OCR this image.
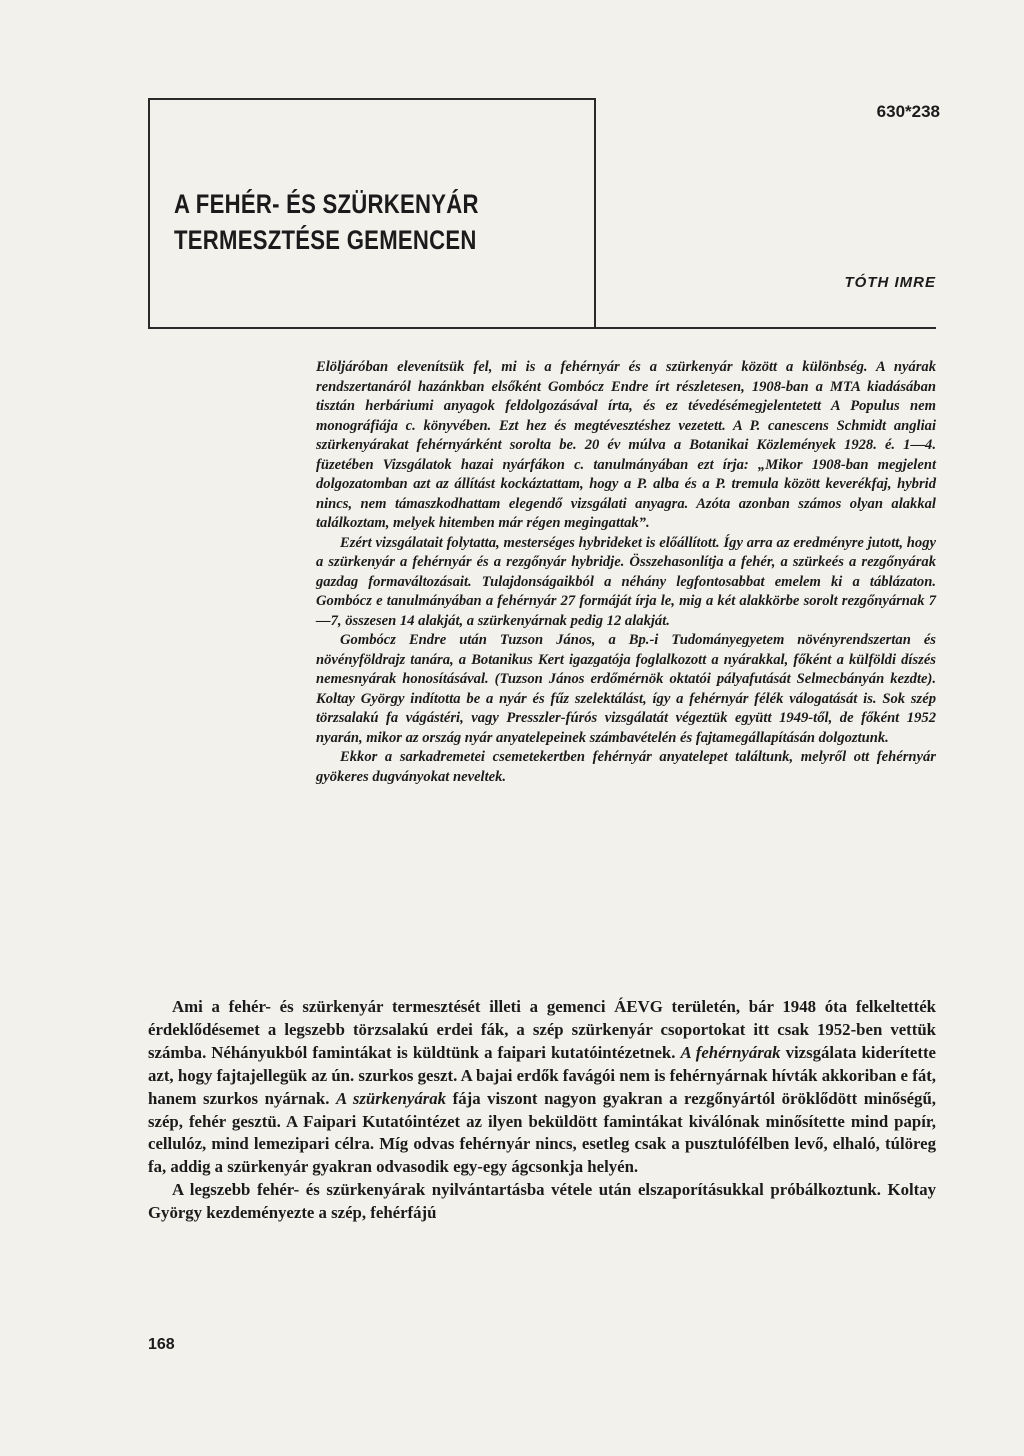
630*238
A FEHÉR- ÉS SZÜRKENYÁR
TERMESZTÉSE GEMENCEN
TÓTH IMRE

Elöljáróban elevenítsük fel, mi is a fehérnyár és a szürkenyár között a különbség. A nyárak rendszertanáról hazánkban elsőként Gombócz Endre írt részletesen, 1908-ban a MTA kiadásában tisztán herbáriumi anyagok feldolgozásával írta, és ez tévedésémegjelentetett A Populus nem monográfiája c. könyvében. Ezt hez és megtévesztéshez vezetett. A P. canescens Schmidt angliai szürkenyárakat fehérnyárként sorolta be. 20 év múlva a Botanikai Közlemények 1928. é. 1—4. füzetében Vizsgálatok hazai nyárfákon c. tanulmányában ezt írja: „Mikor 1908-ban megjelent dolgozatomban azt az állítást kockáztattam, hogy a P. alba és a P. tremula között keverékfaj, hybrid nincs, nem támaszkodhattam elegendő vizsgálati anyagra. Azóta azonban számos olyan alakkal találkoztam, melyek hitemben már régen megingattak”.

Ezért vizsgálatait folytatta, mesterséges hybrideket is előállított. Így arra az eredményre jutott, hogy a szürkenyár a fehérnyár és a rezgőnyár hybridje. Összehasonlítja a fehér, a szürkeés a rezgőnyárak gazdag formaváltozásait. Tulajdonságaikból a néhány legfontosabbat emelem ki a táblázaton. Gombócz e tanulmányában a fehérnyár 27 formáját írja le, mig a két alakkörbe sorolt rezgőnyárnak 7—7, összesen 14 alakját, a szürkenyárnak pedig 12 alakját.

Gombócz Endre után Tuzson János, a Bp.-i Tudományegyetem növényrendszertan és növényföldrajz tanára, a Botanikus Kert igazgatója foglalkozott a nyárakkal, főként a külföldi díszés nemesnyárak honosításával. (Tuzson János erdőmérnök oktatói pályafutását Selmecbányán kezdte). Koltay György indította be a nyár és fűz szelektálást, így a fehérnyár félék válogatását is. Sok szép törzsalakú fa vágástéri, vagy Presszler-fúrós vizsgálatát végeztük együtt 1949-től, de főként 1952 nyarán, mikor az ország nyár anyatelepeinek számbavételén és fajtamegállapításán dolgoztunk.

Ekkor a sarkadremetei csemetekertben fehérnyár anyatelepet találtunk, melyről ott fehérnyár gyökeres dugványokat neveltek.

Ami a fehér- és szürkenyár termesztését illeti a gemenci ÁEVG területén, bár 1948 óta felkeltették érdeklődésemet a legszebb törzsalakú erdei fák, a szép szürkenyár csoportokat itt csak 1952-ben vettük számba. Néhányukból famintákat is küldtünk a faipari kutatóintézetnek. A fehérnyárak vizsgálata kiderítette azt, hogy fajtajellegük az ún. szurkos geszt. A bajai erdők favágói nem is fehérnyárnak hívták akkoriban e fát, hanem szurkos nyárnak. A szürkenyárak fája viszont nagyon gyakran a rezgőnyártól öröklődött minőségű, szép, fehér gesztü. A Faipari Kutatóintézet az ilyen beküldött famintákat kiválónak minősítette mind papír, cellulóz, mind lemezipari célra. Míg odvas fehérnyár nincs, esetleg csak a pusztulófélben levő, elhaló, túlöreg fa, addig a szürkenyár gyakran odvasodik egy-egy ágcsonkja helyén.

A legszebb fehér- és szürkenyárak nyilvántartásba vétele után elszaporításukkal próbálkoztunk. Koltay György kezdeményezte a szép, fehérfájú

168
